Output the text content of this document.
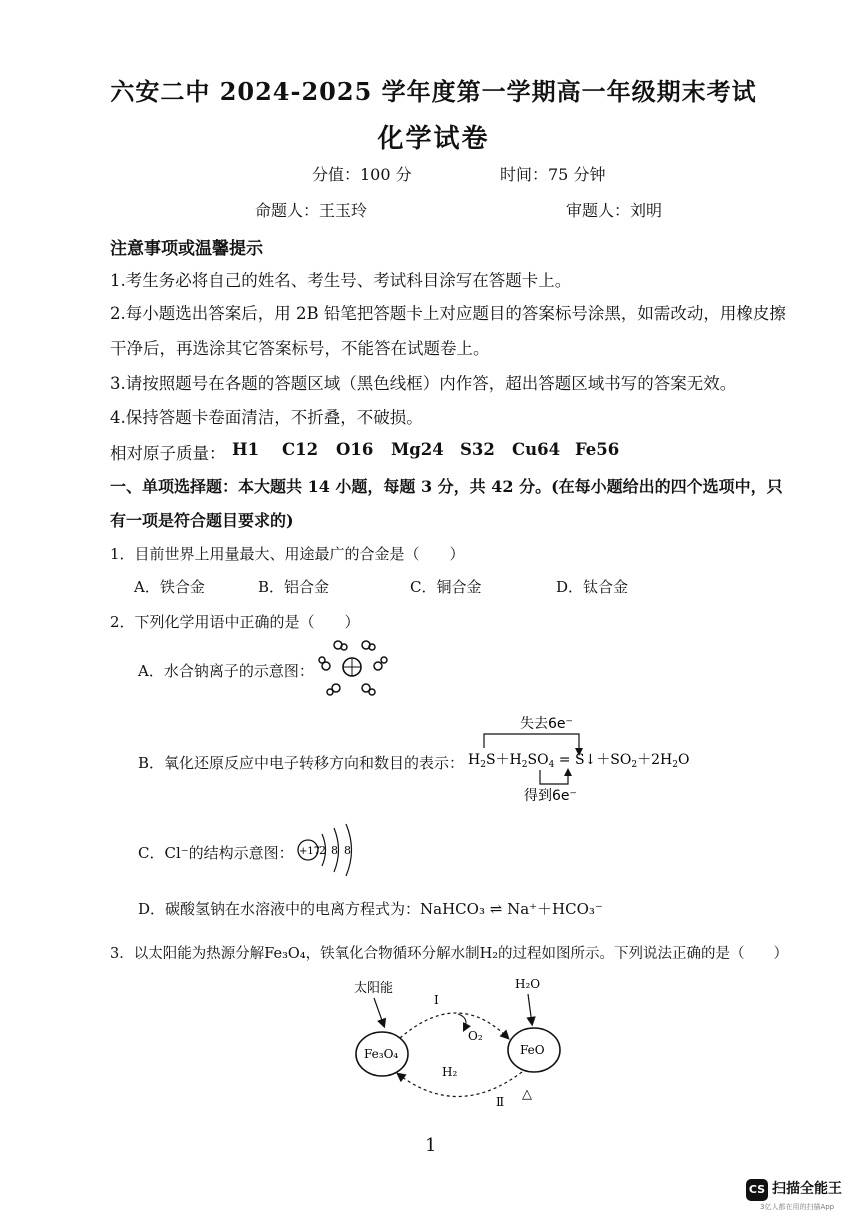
六安二中 2024-2025 学年度第一学期高一年级期末考试
化学试卷
分值：100 分	时间：75 分钟
命题人：王玉玲	审题人：刘明
注意事项或温馨提示
1.考生务必将自己的姓名、考生号、考试科目涂写在答题卡上。
2.每小题选出答案后，用 2B 铅笔把答题卡上对应题目的答案标号涂黑，如需改动，用橡皮擦
干净后，再选涂其它答案标号，不能答在试题卷上。
3.请按照题号在各题的答题区域（黑色线框）内作答，超出答题区域书写的答案无效。
4.保持答题卡卷面清洁，不折叠，不破损。
相对原子质量： H1 C12 O16 Mg24 S32 Cu64 Fe56
一、单项选择题：本大题共 14 小题，每题 3 分，共 42 分。(在每小题给出的四个选项中，只
有一项是符合题目要求的)
1．目前世界上用量最大、用途最广的合金是（　　）
A．铁合金	B．铝合金	C．铜合金	D．钛合金
2．下列化学用语中正确的是（　　）
A．水合钠离子的示意图：
B．氧化还原反应中电子转移方向和数目的表示：
失去6e⁻
$H_2S+H_2SO_4$ = $S↓+SO_2+2H_2O$
得到6e⁻
C．Cl⁻的结构示意图： +17
2 8 8
D．碳酸氢钠在水溶液中的电离方程式为：NaHCO₃ ⇌ Na⁺＋HCO₃⁻
3．以太阳能为热源分解Fe₃O₄，铁氧化合物循环分解水制H₂的过程如图所示。下列说法正确的是（　　）
Fe₃O₄	FeO
太阳能	H₂O
Ⅰ
O₂
H₂
Ⅱ △
1
CS 扫描全能王
3亿人都在用的扫描App
